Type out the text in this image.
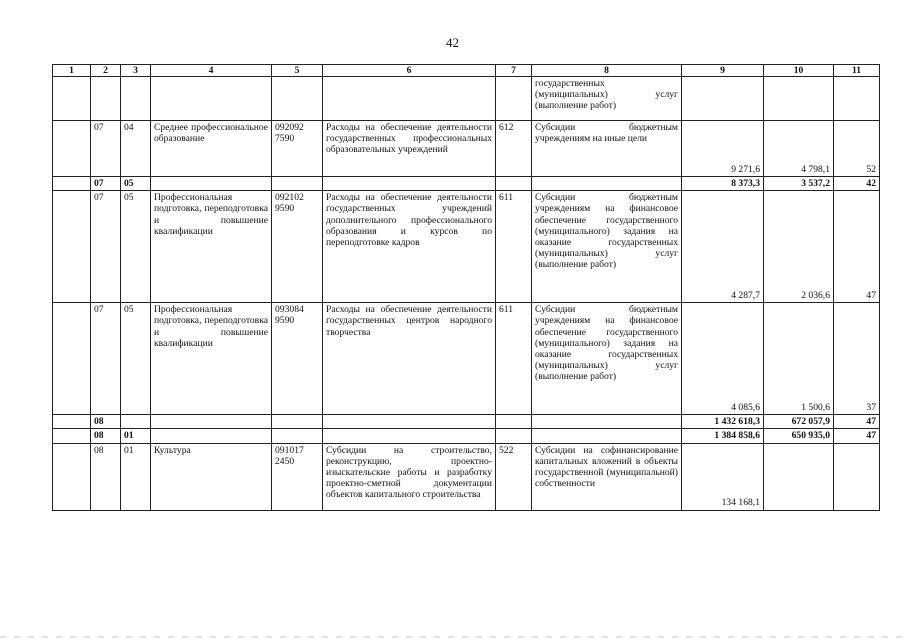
42
1	2	3	4	5	6	7	8	9	10	11
							государственных (муниципальных) услуг (выполнение работ)			
	07	04	Среднее профессиональное образование	092092 7590	Расходы на обеспечение деятельности государственных профессиональных образовательных учреждений	612	Субсидии бюджетным учреждениям на иные цели	9 271,6	4 798,1	52
	07	05						8 373,3	3 537,2	42
	07	05	Профессиональная подготовка, переподготовка и повышение квалификации	092102 9590	Расходы на обеспечение деятельности государственных учреждений дополнительного профессионального образования и курсов по переподготовке кадров	611	Субсидии бюджетным учреждениям на финансовое обеспечение государственного (муниципального) задания на оказание государственных (муниципальных) услуг (выполнение работ)	4 287,7	2 036,6	47
	07	05	Профессиональная подготовка, переподготовка и повышение квалификации	093084 9590	Расходы на обеспечение деятельности государственных центров народного творчества	611	Субсидии бюджетным учреждениям на финансовое обеспечение государственного (муниципального) задания на оказание государственных (муниципальных) услуг (выполнение работ)	4 085,6	1 500,6	37
	08							1 432 618,3	672 057,9	47
	08	01						1 384 858,6	650 935,0	47
	08	01	Культура	091017 2450	Субсидии на строительство, реконструкцию, проектно-изыскательские работы и разработку проектно-сметной документации объектов капитального строительства	522	Субсидии на софинансирование капитальных вложений в объекты государственной (муниципальной) собственности	134 168,1		
